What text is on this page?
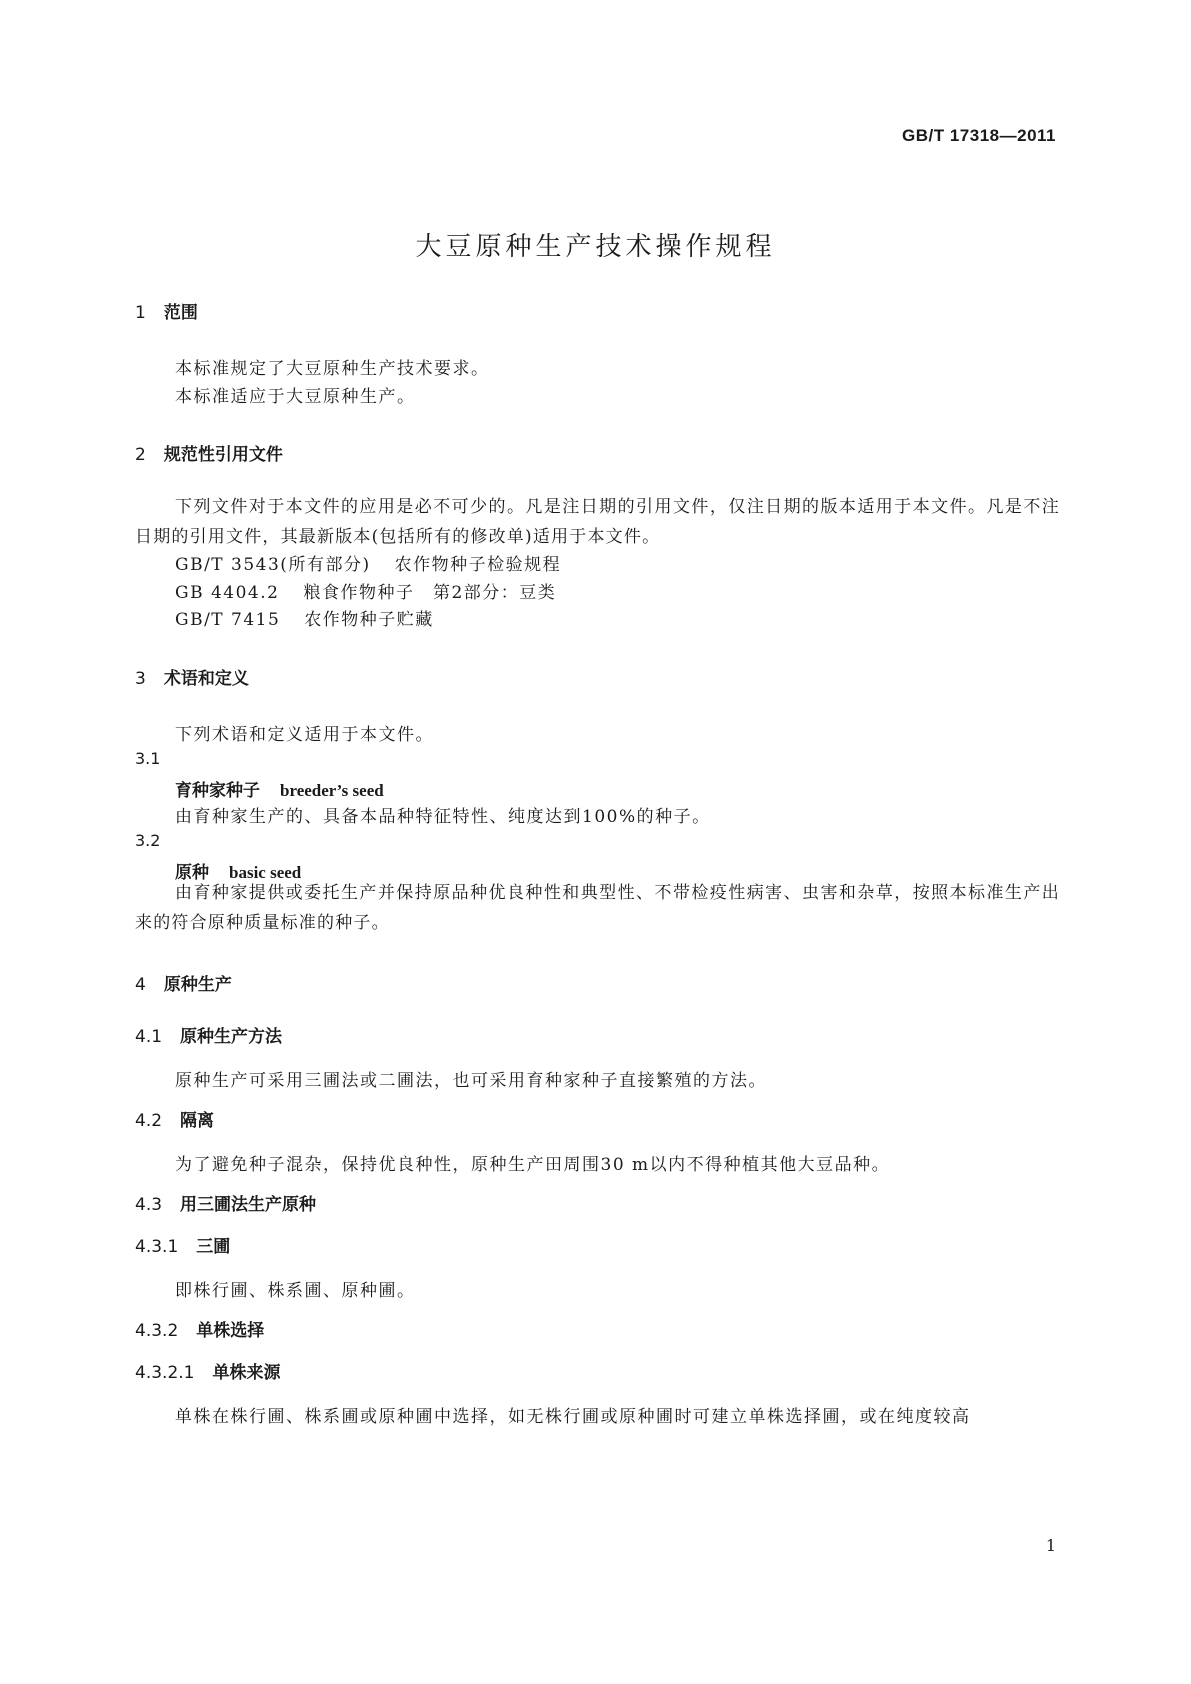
GB/T 17318—2011
大豆原种生产技术操作规程
1 范围
本标准规定了大豆原种生产技术要求。
本标准适应于大豆原种生产。
2 规范性引用文件
下列文件对于本文件的应用是必不可少的。凡是注日期的引用文件，仅注日期的版本适用于本文件。凡是不注日期的引用文件，其最新版本(包括所有的修改单)适用于本文件。
GB/T 3543(所有部分) 农作物种子检验规程
GB 4404.2 粮食作物种子　第2部分：豆类
GB/T 7415 农作物种子贮藏
3 术语和定义
下列术语和定义适用于本文件。
3.1
育种家种子 breeder’s seed
由育种家生产的、具备本品种特征特性、纯度达到100%的种子。
3.2
原种 basic seed
由育种家提供或委托生产并保持原品种优良种性和典型性、不带检疫性病害、虫害和杂草，按照本标准生产出来的符合原种质量标准的种子。
4 原种生产
4.1 原种生产方法
原种生产可采用三圃法或二圃法，也可采用育种家种子直接繁殖的方法。
4.2 隔离
为了避免种子混杂，保持优良种性，原种生产田周围30 m以内不得种植其他大豆品种。
4.3 用三圃法生产原种
4.3.1 三圃
即株行圃、株系圃、原种圃。
4.3.2 单株选择
4.3.2.1 单株来源
单株在株行圃、株系圃或原种圃中选择，如无株行圃或原种圃时可建立单株选择圃，或在纯度较高
1
